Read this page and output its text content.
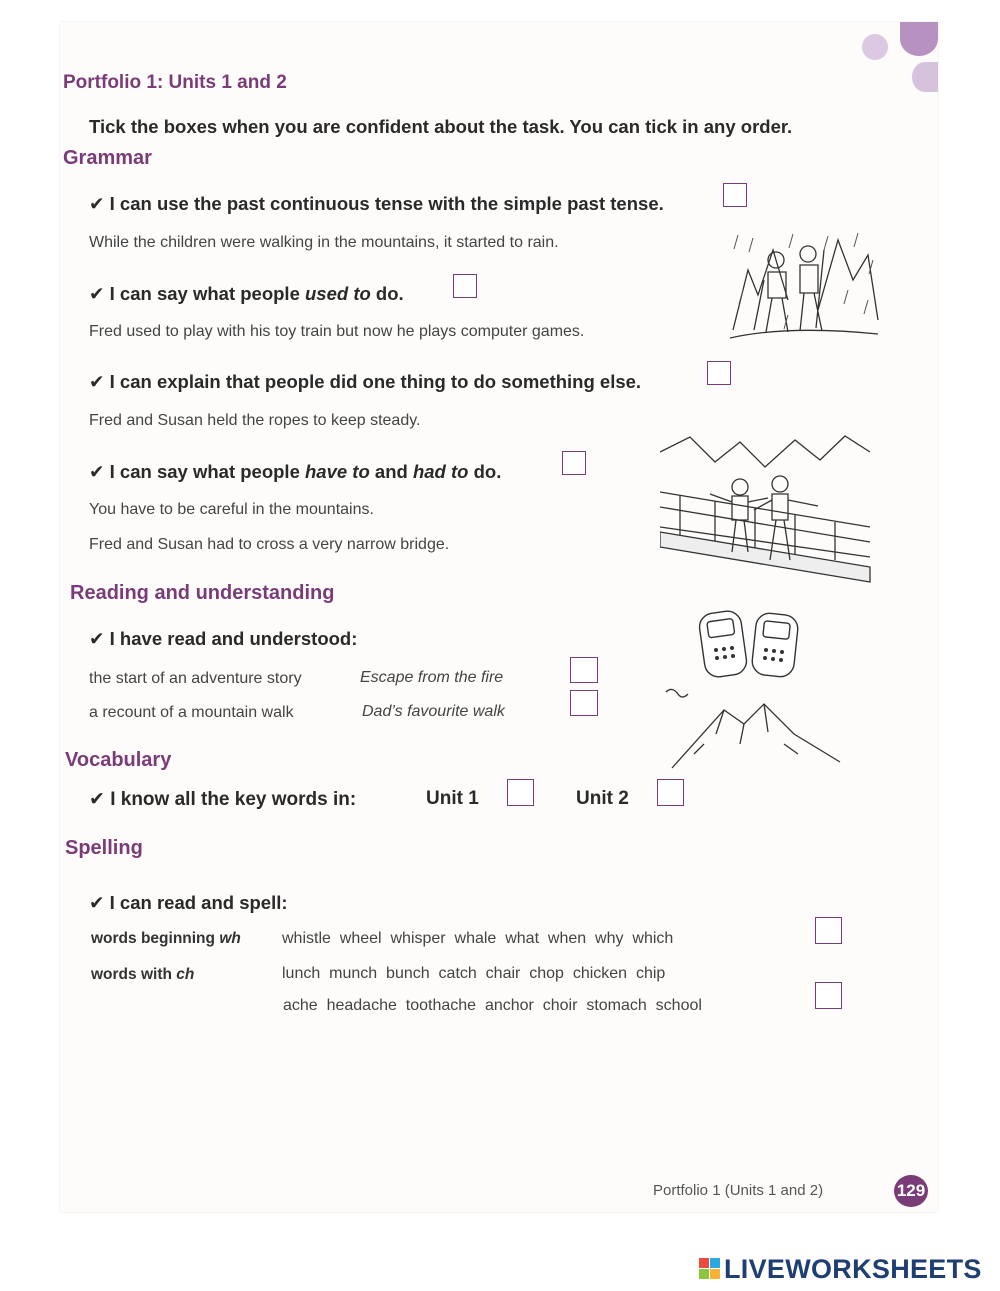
Portfolio 1: Units 1 and 2
Tick the boxes when you are confident about the task. You can tick in any order.
Grammar
✔ I can use the past continuous tense with the simple past tense.
While the children were walking in the mountains, it started to rain.
✔ I can say what people used to do.
Fred used to play with his toy train but now he plays computer games.
✔ I can explain that people did one thing to do something else.
Fred and Susan held the ropes to keep steady.
✔ I can say what people have to and had to do.
You have to be careful in the mountains.
Fred and Susan had to cross a very narrow bridge.
Reading and understanding
✔ I have read and understood:
the start of an adventure story	Escape from the fire
a recount of a mountain walk	Dad’s favourite walk
Vocabulary
✔ I know all the key words in:	Unit 1	Unit 2
Spelling
✔ I can read and spell:
words beginning wh	whistle  wheel  whisper  whale  what  when  why  which
words with ch	lunch  munch  bunch  catch  chair  chop  chicken  chip
ache  headache  toothache  anchor  choir  stomach  school
Portfolio 1 (Units 1 and 2)	129
LIVEWORKSHEETS
